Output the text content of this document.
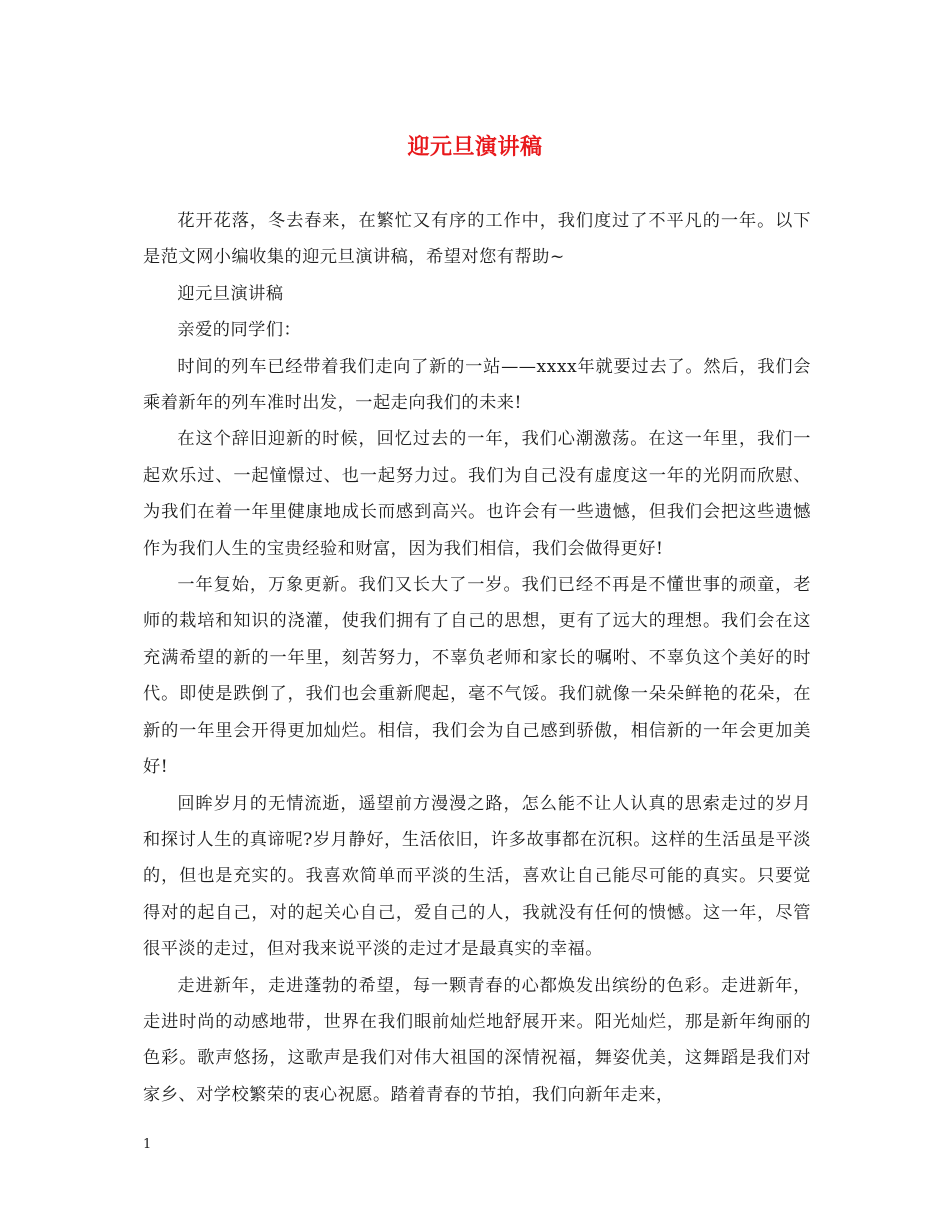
迎元旦演讲稿

花开花落，冬去春来，在繁忙又有序的工作中，我们度过了不平凡的一年。以下是范文网小编收集的迎元旦演讲稿，希望对您有帮助~

迎元旦演讲稿

亲爱的同学们：

时间的列车已经带着我们走向了新的一站——xxxx年就要过去了。然后，我们会乘着新年的列车准时出发，一起走向我们的未来!

在这个辞旧迎新的时候，回忆过去的一年，我们心潮激荡。在这一年里，我们一起欢乐过、一起憧憬过、也一起努力过。我们为自己没有虚度这一年的光阴而欣慰、为我们在着一年里健康地成长而感到高兴。也许会有一些遗憾，但我们会把这些遗憾作为我们人生的宝贵经验和财富，因为我们相信，我们会做得更好!

一年复始，万象更新。我们又长大了一岁。我们已经不再是不懂世事的顽童，老师的栽培和知识的浇灌，使我们拥有了自己的思想，更有了远大的理想。我们会在这充满希望的新的一年里，刻苦努力，不辜负老师和家长的嘱咐、不辜负这个美好的时代。即使是跌倒了，我们也会重新爬起，毫不气馁。我们就像一朵朵鲜艳的花朵，在新的一年里会开得更加灿烂。相信，我们会为自己感到骄傲，相信新的一年会更加美好!

回眸岁月的无情流逝，遥望前方漫漫之路，怎么能不让人认真的思索走过的岁月和探讨人生的真谛呢?岁月静好，生活依旧，许多故事都在沉积。这样的生活虽是平淡的，但也是充实的。我喜欢简单而平淡的生活，喜欢让自己能尽可能的真实。只要觉得对的起自己，对的起关心自己，爱自己的人，我就没有任何的愦憾。这一年，尽管很平淡的走过，但对我来说平淡的走过才是最真实的幸福。

走进新年，走进蓬勃的希望，每一颗青春的心都焕发出缤纷的色彩。走进新年，走进时尚的动感地带，世界在我们眼前灿烂地舒展开来。阳光灿烂，那是新年绚丽的色彩。歌声悠扬，这歌声是我们对伟大祖国的深情祝福，舞姿优美，这舞蹈是我们对家乡、对学校繁荣的衷心祝愿。踏着青春的节拍，我们向新年走来，

1
